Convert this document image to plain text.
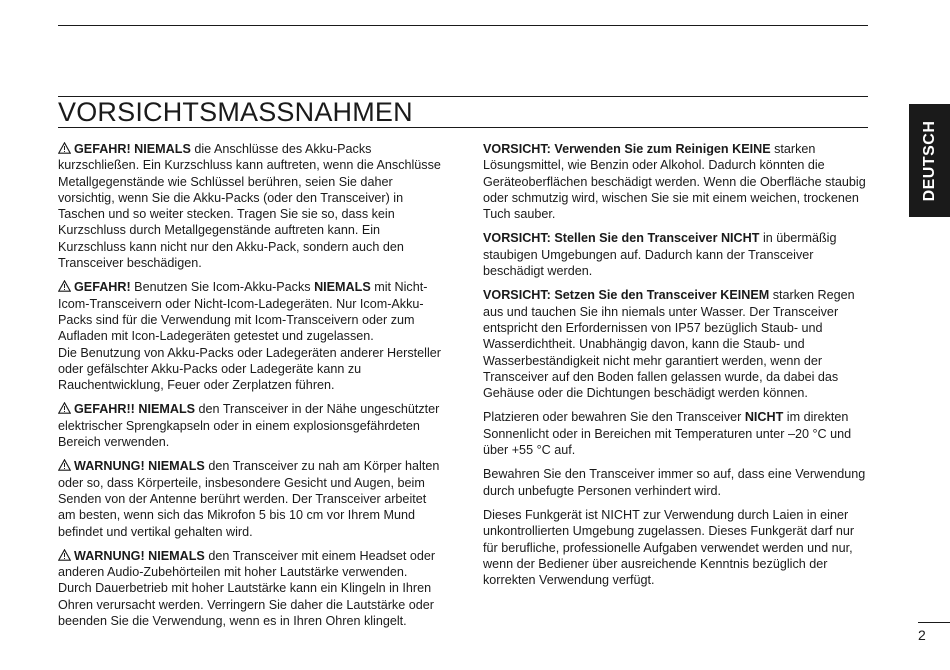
VORSICHTSMASSNAHMEN

GEFAHR! NIEMALS die Anschlüsse des Akku-Packs kurzschließen. Ein Kurzschluss kann auftreten, wenn die Anschlüsse Metallgegenstände wie Schlüssel berühren, seien Sie daher vorsichtig, wenn Sie die Akku-Packs (oder den Transceiver) in Taschen und so weiter stecken. Tragen Sie sie so, dass kein Kurzschluss durch Metallgegenstände auftreten kann. Ein Kurzschluss kann nicht nur den Akku-Pack, sondern auch den Transceiver beschädigen.

GEFAHR! Benutzen Sie Icom-Akku-Packs NIEMALS mit Nicht-Icom-Transceivern oder Nicht-Icom-Ladegeräten. Nur Icom-Akku-Packs sind für die Verwendung mit Icom-Transceivern oder zum Aufladen mit Icon-Ladegeräten getestet und zugelassen.
Die Benutzung von Akku-Packs oder Ladegeräten anderer Hersteller oder gefälschter Akku-Packs oder Ladegeräte kann zu Rauchentwicklung, Feuer oder Zerplatzen führen.

GEFAHR!! NIEMALS den Transceiver in der Nähe ungeschützter elektrischer Sprengkapseln oder in einem explosionsgefährdeten Bereich verwenden.

WARNUNG! NIEMALS den Transceiver zu nah am Körper halten oder so, dass Körperteile, insbesondere Gesicht und Augen, beim Senden von der Antenne berührt werden. Der Transceiver arbeitet am besten, wenn sich das Mikrofon 5 bis 10 cm vor Ihrem Mund befindet und vertikal gehalten wird.

WARNUNG! NIEMALS den Transceiver mit einem Headset oder anderen Audio-Zubehörteilen mit hoher Lautstärke verwenden. Durch Dauerbetrieb mit hoher Lautstärke kann ein Klingeln in Ihren Ohren verursacht werden. Verringern Sie daher die Lautstärke oder beenden Sie die Verwendung, wenn es in Ihren Ohren klingelt.

VORSICHT: Verwenden Sie zum Reinigen KEINE starken Lösungsmittel, wie Benzin oder Alkohol. Dadurch könnten die Geräteoberflächen beschädigt werden. Wenn die Oberfläche staubig oder schmutzig wird, wischen Sie sie mit einem weichen, trockenen Tuch sauber.

VORSICHT: Stellen Sie den Transceiver NICHT in übermäßig staubigen Umgebungen auf. Dadurch kann der Transceiver beschädigt werden.

VORSICHT: Setzen Sie den Transceiver KEINEM starken Regen aus und tauchen Sie ihn niemals unter Wasser. Der Transceiver entspricht den Erfordernissen von IP57 bezüglich Staub- und Wasserdichtheit. Unabhängig davon, kann die Staub- und Wasserbeständigkeit nicht mehr garantiert werden, wenn der Transceiver auf den Boden fallen gelassen wurde, da dabei das Gehäuse oder die Dichtungen beschädigt werden können.

Platzieren oder bewahren Sie den Transceiver NICHT im direkten Sonnenlicht oder in Bereichen mit Temperaturen unter –20 °C und über +55 °C auf.

Bewahren Sie den Transceiver immer so auf, dass eine Verwendung durch unbefugte Personen verhindert wird.

Dieses Funkgerät ist NICHT zur Verwendung durch Laien in einer unkontrollierten Umgebung zugelassen. Dieses Funkgerät darf nur für berufliche, professionelle Aufgaben verwendet werden und nur, wenn der Bediener über ausreichende Kenntnis bezüglich der korrekten Verwendung verfügt.

DEUTSCH
2
